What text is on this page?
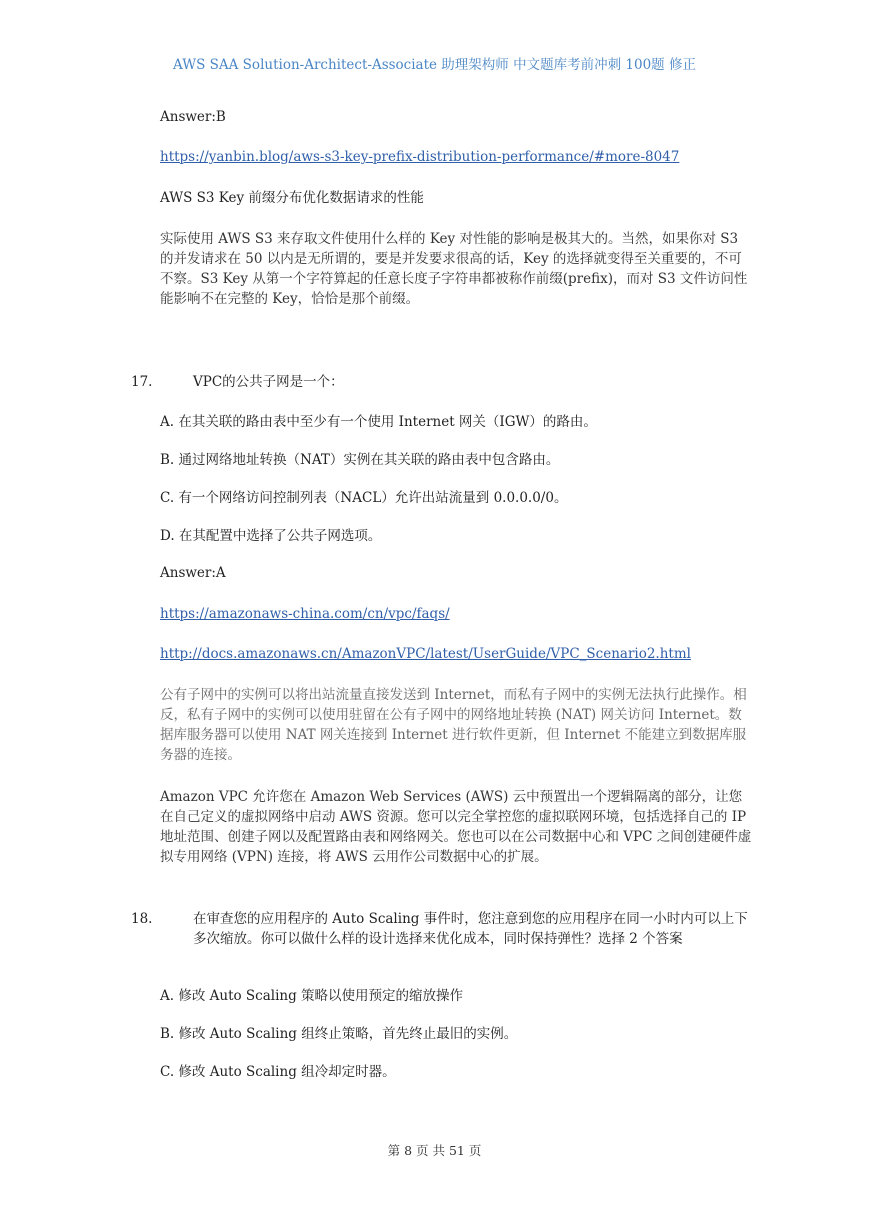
AWS SAA Solution-Architect-Associate 助理架构师 中文题库考前冲刺 100题 修正
Answer:B
https://yanbin.blog/aws-s3-key-prefix-distribution-performance/#more-8047
AWS S3 Key 前缀分布优化数据请求的性能
实际使用 AWS S3 来存取文件使用什么样的 Key 对性能的影响是极其大的。当然，如果你对 S3 的并发请求在 50 以内是无所谓的，要是并发要求很高的话，Key 的选择就变得至关重要的，不可不察。S3 Key 从第一个字符算起的任意长度子字符串都被称作前缀(prefix)，而对 S3 文件访问性能影响不在完整的 Key，恰恰是那个前缀。
17.	VPC的公共子网是一个：
A. 在其关联的路由表中至少有一个使用 Internet 网关（IGW）的路由。
B. 通过网络地址转换（NAT）实例在其关联的路由表中包含路由。
C. 有一个网络访问控制列表（NACL）允许出站流量到 0.0.0.0/0。
D. 在其配置中选择了公共子网选项。
Answer:A
https://amazonaws-china.com/cn/vpc/faqs/
http://docs.amazonaws.cn/AmazonVPC/latest/UserGuide/VPC_Scenario2.html
公有子网中的实例可以将出站流量直接发送到 Internet，而私有子网中的实例无法执行此操作。相反，私有子网中的实例可以使用驻留在公有子网中的网络地址转换 (NAT) 网关访问 Internet。数据库服务器可以使用 NAT 网关连接到 Internet 进行软件更新，但 Internet 不能建立到数据库服务器的连接。
Amazon VPC 允许您在 Amazon Web Services (AWS) 云中预置出一个逻辑隔离的部分，让您在自己定义的虚拟网络中启动 AWS 资源。您可以完全掌控您的虚拟联网环境，包括选择自己的 IP 地址范围、创建子网以及配置路由表和网络网关。您也可以在公司数据中心和 VPC 之间创建硬件虚拟专用网络 (VPN) 连接，将 AWS 云用作公司数据中心的扩展。
18.	在审查您的应用程序的 Auto Scaling 事件时，您注意到您的应用程序在同一小时内可以上下多次缩放。你可以做什么样的设计选择来优化成本，同时保持弹性？选择 2 个答案
A. 修改 Auto Scaling 策略以使用预定的缩放操作
B. 修改 Auto Scaling 组终止策略，首先终止最旧的实例。
C. 修改 Auto Scaling 组冷却定时器。
第 8 页 共 51 页
